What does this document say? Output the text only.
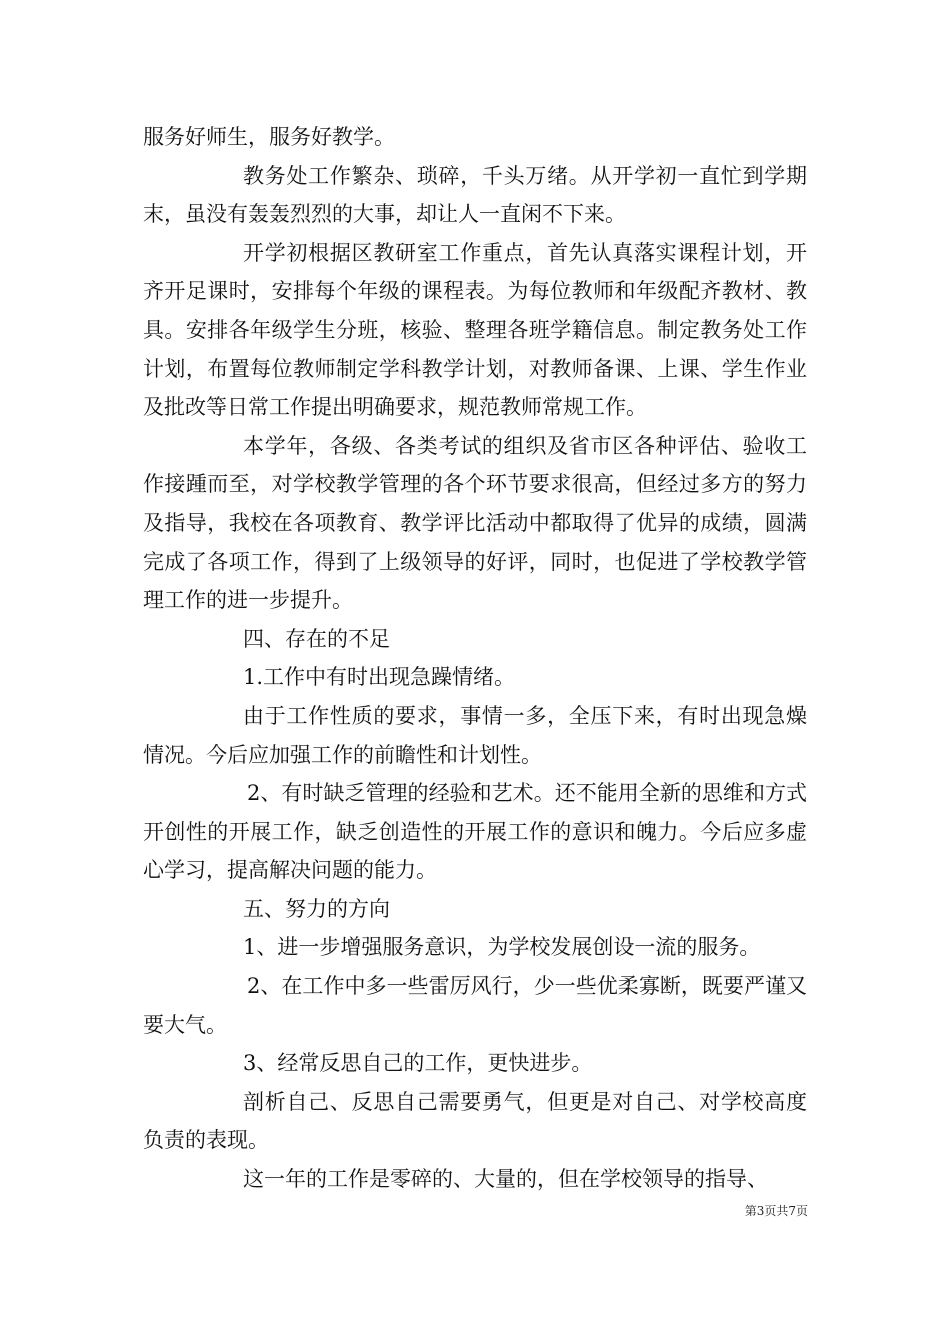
服务好师生，服务好教学。

教务处工作繁杂、琐碎，千头万绪。从开学初一直忙到学期末，虽没有轰轰烈烈的大事，却让人一直闲不下来。

开学初根据区教研室工作重点，首先认真落实课程计划，开齐开足课时，安排每个年级的课程表。为每位教师和年级配齐教材、教具。安排各年级学生分班，核验、整理各班学籍信息。制定教务处工作计划，布置每位教师制定学科教学计划，对教师备课、上课、学生作业及批改等日常工作提出明确要求，规范教师常规工作。

本学年，各级、各类考试的组织及省市区各种评估、验收工作接踵而至，对学校教学管理的各个环节要求很高，但经过多方的努力及指导，我校在各项教育、教学评比活动中都取得了优异的成绩，圆满完成了各项工作，得到了上级领导的好评，同时，也促进了学校教学管理工作的进一步提升。

四、存在的不足

1.工作中有时出现急躁情绪。

由于工作性质的要求，事情一多，全压下来，有时出现急燥情况。今后应加强工作的前瞻性和计划性。

2、有时缺乏管理的经验和艺术。还不能用全新的思维和方式开创性的开展工作，缺乏创造性的开展工作的意识和魄力。今后应多虚心学习，提高解决问题的能力。

五、努力的方向

1、进一步增强服务意识，为学校发展创设一流的服务。

2、在工作中多一些雷厉风行，少一些优柔寡断，既要严谨又要大气。

3、经常反思自己的工作，更快进步。

剖析自己、反思自己需要勇气，但更是对自己、对学校高度负责的表现。

这一年的工作是零碎的、大量的，但在学校领导的指导、

第3页共7页
